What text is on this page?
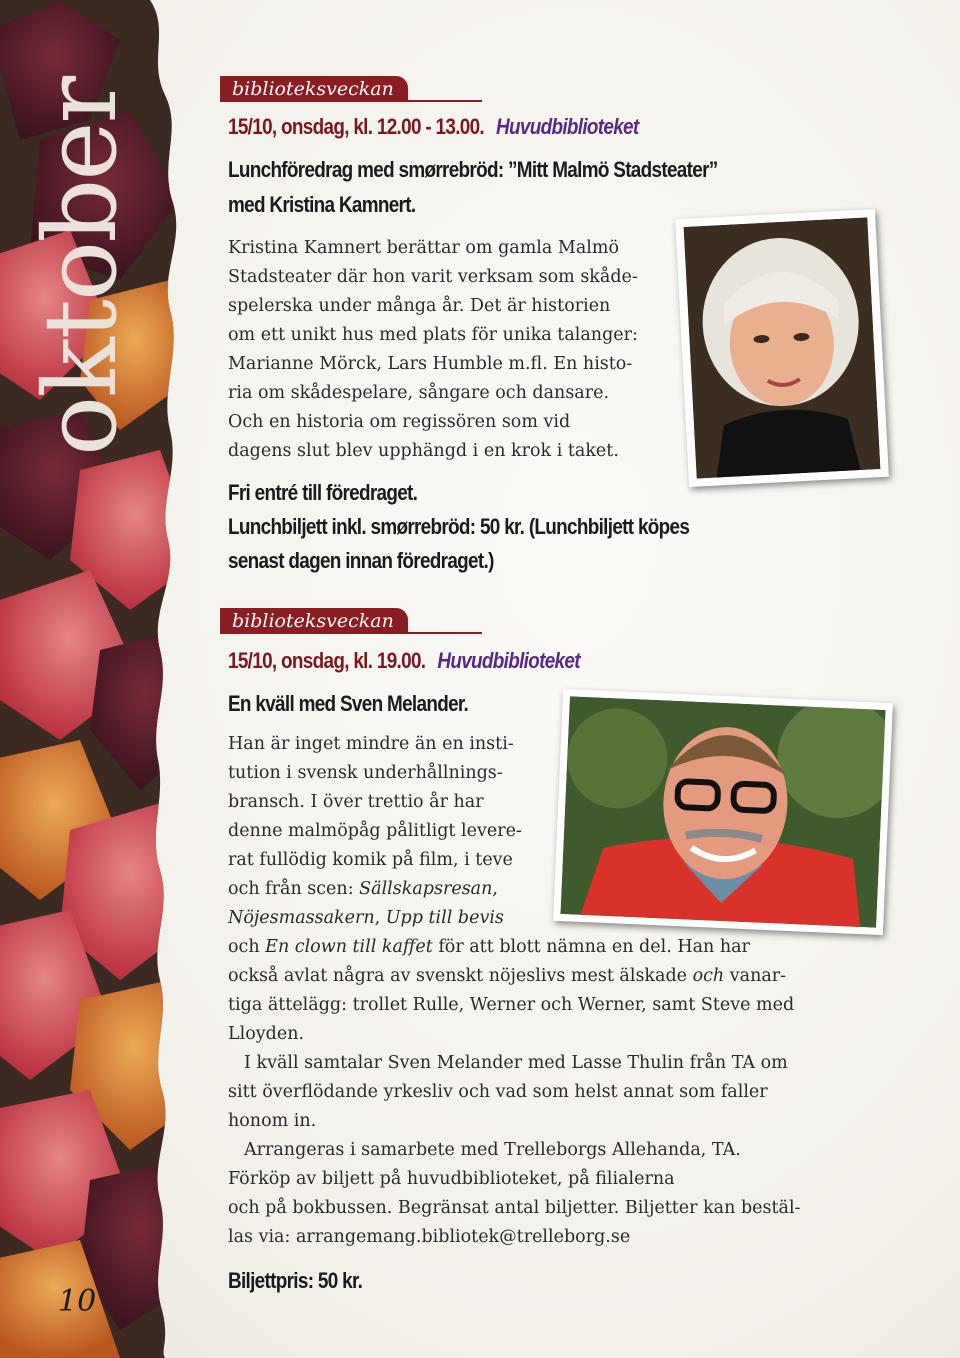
oktober
10
biblioteksveckan
15/10, onsdag, kl. 12.00 - 13.00. Huvudbiblioteket
Lunchföredrag med smørrebröd: ”Mitt Malmö Stadsteater”
med Kristina Kamnert.
Kristina Kamnert berättar om gamla Malmö
Stadsteater där hon varit verksam som skåde-
spelerska under många år. Det är historien
om ett unikt hus med plats för unika talanger:
Marianne Mörck, Lars Humble m.fl. En histo-
ria om skådespelare, sångare och dansare.
Och en historia om regissören som vid
dagens slut blev upphängd i en krok i taket.
Fri entré till föredraget.
Lunchbiljett inkl. smørrebröd: 50 kr. (Lunchbiljett köpes
senast dagen innan föredraget.)
biblioteksveckan
15/10, onsdag, kl. 19.00. Huvudbiblioteket
En kväll med Sven Melander.
Han är inget mindre än en insti-
tution i svensk underhållnings-
bransch. I över trettio år har
denne malmöpåg pålitligt levere-
rat fullödig komik på film, i teve
och från scen: Sällskapsresan,
Nöjesmassakern, Upp till bevis
och En clown till kaffet för att blott nämna en del. Han har
också avlat några av svenskt nöjeslivs mest älskade och vanar-
tiga ättelägg: trollet Rulle, Werner och Werner, samt Steve med
Lloyden.
I kväll samtalar Sven Melander med Lasse Thulin från TA om
sitt överflödande yrkesliv och vad som helst annat som faller
honom in.
Arrangeras i samarbete med Trelleborgs Allehanda, TA.
Förköp av biljett på huvudbiblioteket, på filialerna
och på bokbussen. Begränsat antal biljetter. Biljetter kan bestäl-
las via: arrangemang.bibliotek@trelleborg.se
Biljettpris: 50 kr.
